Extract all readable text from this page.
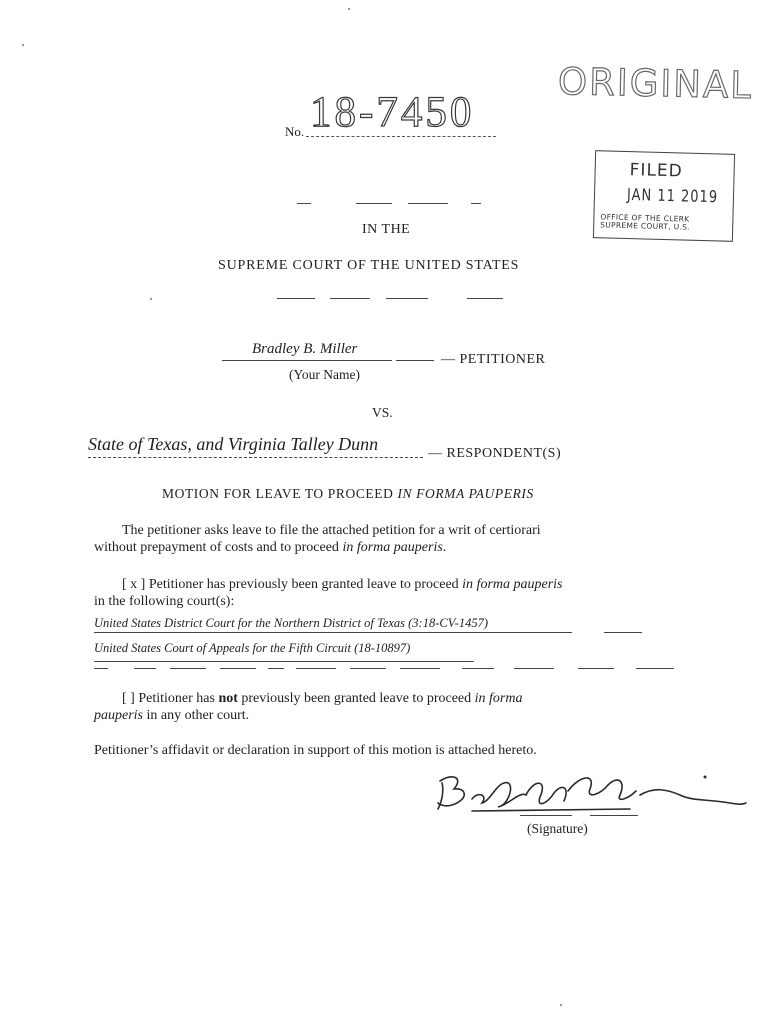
ORIGINAL
No. 18-7450
FILED
JAN 11 2019
OFFICE OF THE CLERK
SUPREME COURT, U.S.
IN THE
SUPREME COURT OF THE UNITED STATES
Bradley B. Miller
— PETITIONER
(Your Name)
VS.
State of Texas, and Virginia Talley Dunn	— RESPONDENT(S)
MOTION FOR LEAVE TO PROCEED IN FORMA PAUPERIS
The petitioner asks leave to file the attached petition for a writ of certiorari
without prepayment of costs and to proceed in forma pauperis.
[ x ] Petitioner has previously been granted leave to proceed in forma pauperis
in the following court(s):
United States District Court for the Northern District of Texas (3:18-CV-1457)
United States Court of Appeals for the Fifth Circuit (18-10897)
[ ] Petitioner has not previously been granted leave to proceed in forma
pauperis in any other court.
Petitioner’s affidavit or declaration in support of this motion is attached hereto.
(Signature)
